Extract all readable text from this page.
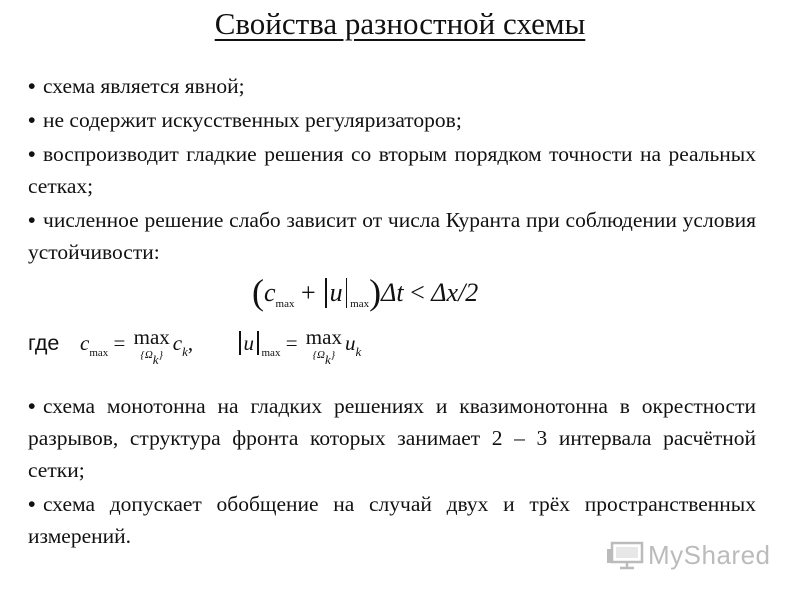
Свойства разностной схемы
• схема является явной;
• не содержит искусственных регуляризаторов;
• воспроизводит гладкие решения со вторым порядком точности на реальных сетках;
• численное решение слабо зависит от числа Куранта при соблюдении условия устойчивости:
($c_{max} + u$ $_{max}$)Δt < Δx/2
где $c_{max} = \max$
{Ωk} $c_k$,	u $_{max}$ = max
{Ωk} $u_k$
• схема монотонна на гладких решениях и квазимонотонна в окрестности разрывов, структура фронта которых занимает 2 – 3 интервала расчётной сетки;
• схема допускает обобщение на случай двух и трёх пространственных измерений.
MyShared
